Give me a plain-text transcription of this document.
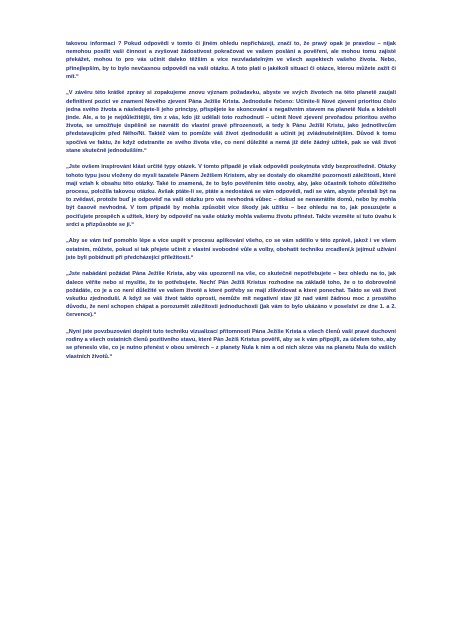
takovou informaci ? Pokud odpovědi v tomto či jiném ohledu nepřicházejí, značí to, že pravý opak je pravdou – nijak nemohou posílit vaši činnost a zvyšovat žádostivost pokračovat ve vašem poslání a pověření, ale mohou tomu zajisté překážet, mohou to pro vás učinit daleko těžším a více nezvladatelným ve všech aspektech vašeho života. Nebo, přinejlepším, by to bylo nevčasnou odpovědí na vaši otázku. A toto platí o jakékoli situaci či otázce, kterou můžete zažít či mít.“

„V závěru této krátké zprávy si zopakujeme znovu význam požadavku, abyste ve svých životech na této planetě zaujali definitivní pozici ve znamení Nového zjevení Pána Ježíše Krista. Jednoduše řečeno: Učinite-li Nové zjevení prioritou číslo jedna svého života a následujete-li jeho principy, přispějete ke skoncování s negativním stavem na planetě Nula a kdekoli jinde. Ale, a to je nejdůležitější, tím z vás, kdo již udělali toto rozhodnutí – učinit Nové zjevení prvořadou prioritou svého života, se umožňuje úspěšně se navrátit do vlastní pravé přirozenosti, a tedy k Pánu Ježíši Kristu, jako jednotlivcům představujícím před Něho/Ní. Taktéž vám to pomůže váš život zjednodušit a učinit jej zvládnutelnějším. Důvod k tomu spočívá ve faktu, že když odstraníte ze svého života vše, co není důležité a nemá již déle žádný užitek, pak se váš život stane skutečně jednodušším.“

„Jste ovšem inspirováni klást určité typy otázek. V tomto případě je však odpovědí poskytnuta vždy bezprostředně. Otázky tohoto typu jsou vloženy do mysli tazatele Pánem Ježíšem Kristem, aby se dostaly do okamžité pozornosti záležitosti, které mají vztah k obsahu této otázky. Také to znamená, že to bylo pověřením této osoby, aby, jako účastník tohoto důležitého procesu, položila takovou otázku. Avšak ptáte-li se, ptáte a nedostává se vám odpovědi, radi se vám, abyste přestali být na to zvědaví, protože buď je odpověď na vaši otázku pro vás nevhodná vůbec – dokud se nenavrátíte domů, nebo by mohla být časově nevhodná. V tom případě by mohla způsobit více škody jak užitku – bez ohledu na to, jak posuzujete a pociťujete prospěch a užitek, který by odpověď na vaše otázky mohla vašemu životu přinést. Takže vezměte si tuto úvahu k srdci a přizpůsobte se jí.“

„Aby se vám teď pomohlo lépe a více uspět v procesu aplikování všeho, co se vám sdělilo v této zprávě, jakož i ve všem ostatním, můžete, pokud si tak přejete učinit z vlastní svobodné vůle a volby, obohatit techniku zrcadlení,k jejímuž užívání jste byli pobídnuti při předcházející příležitosti.“

„Jste nabádáni požádat Pána Ježíše Krista, aby vás upozornil na vše, co skutečně nepotřebujete – bez ohledu na to, jak dalece věříte nebo si myslíte, že to potřebujete. Nechť Pán Ježíš Kristus rozhodne na základě toho, že o to dobrovolně požádáte, co je a co není důležité ve vašem životě a které potřeby se mají zlikvidovat a které ponechat. Takto se váš život vskutku zjednoduší. A když se váš život takto oprostí, nemůže mít negativní stav již nad vámi žádnou moc z prostého důvodu, že není schopen chápat a porozumět záležitosti jednoduchosti (jak vám to bylo ukázáno v poselství ze dne 1. a 2. července).“

„Nyní jste povzbuzováni doplnit tuto techniku vizualizací přítomnosti Pána Ježíše Krista a všech členů vaší pravé duchovní rodiny a všech ostatních členů pozitivního stavu, které Pán Ježíš Kristus pověřil, aby se k vám připojili, za účelem toho, aby se přeneslo vše, co je nutno přenést v obou směrech – z planety Nula k nim a od nich skrze vás na planetu Nula do vašich vlastních životů.“
